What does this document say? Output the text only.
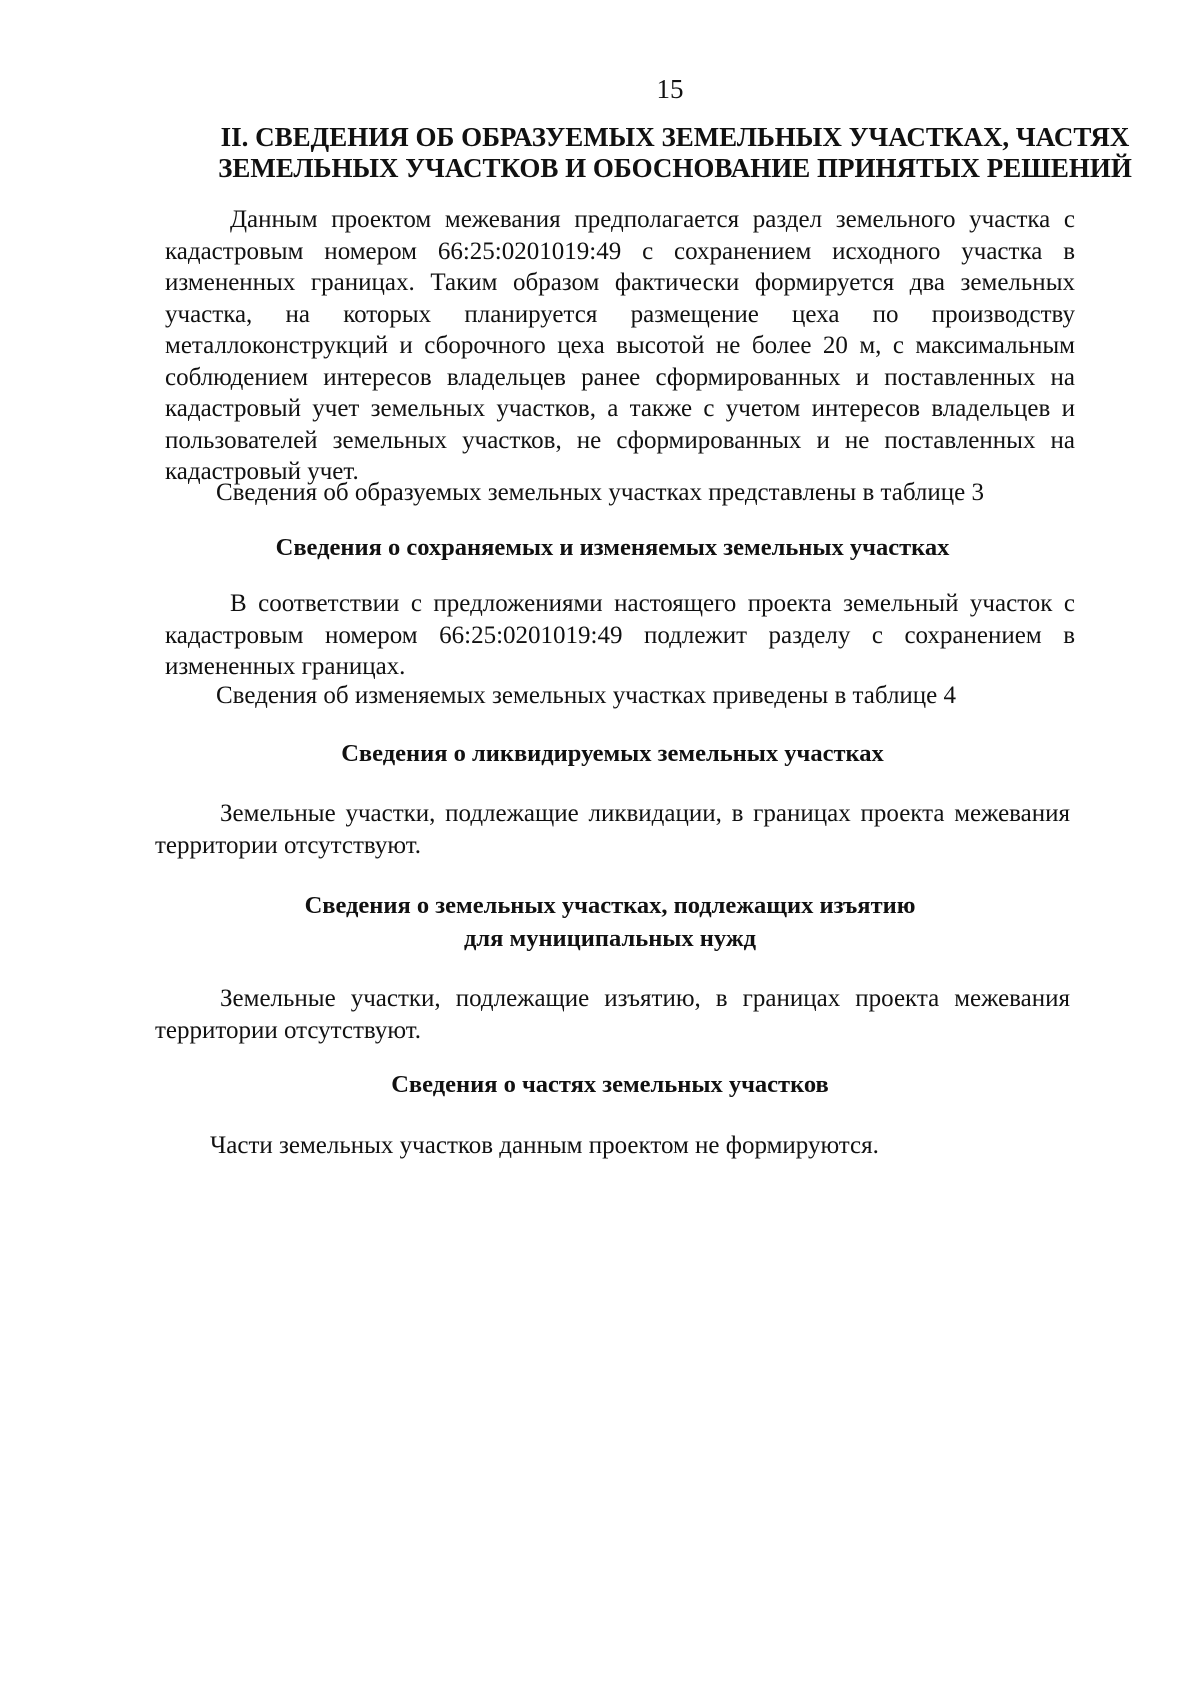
15
II. СВЕДЕНИЯ ОБ ОБРАЗУЕМЫХ ЗЕМЕЛЬНЫХ УЧАСТКАХ, ЧАСТЯХ
ЗЕМЕЛЬНЫХ УЧАСТКОВ И ОБОСНОВАНИЕ ПРИНЯТЫХ РЕШЕНИЙ

Данным проектом межевания предполагается раздел земельного участка с кадастровым номером 66:25:0201019:49 с сохранением исходного участка в измененных границах. Таким образом фактически формируется два земельных участка, на которых планируется размещение цеха по производству металлоконструкций и сборочного цеха высотой не более 20 м, с максимальным соблюдением интересов владельцев ранее сформированных и поставленных на кадастровый учет земельных участков, а также с учетом интересов владельцев и пользователей земельных участков, не сформированных и не поставленных на кадастровый учет.

Сведения об образуемых земельных участках представлены в таблице 3

Сведения о сохраняемых и изменяемых земельных участках

В соответствии с предложениями настоящего проекта земельный участок с кадастровым номером 66:25:0201019:49 подлежит разделу с сохранением в измененных границах.

Сведения об изменяемых земельных участках приведены в таблице 4

Сведения о ликвидируемых земельных участках

Земельные участки, подлежащие ликвидации, в границах проекта межевания территории отсутствуют.

Сведения о земельных участках, подлежащих изъятию
для муниципальных нужд

Земельные участки, подлежащие изъятию, в границах проекта межевания территории отсутствуют.

Сведения о частях земельных участков

Части земельных участков данным проектом не формируются.
